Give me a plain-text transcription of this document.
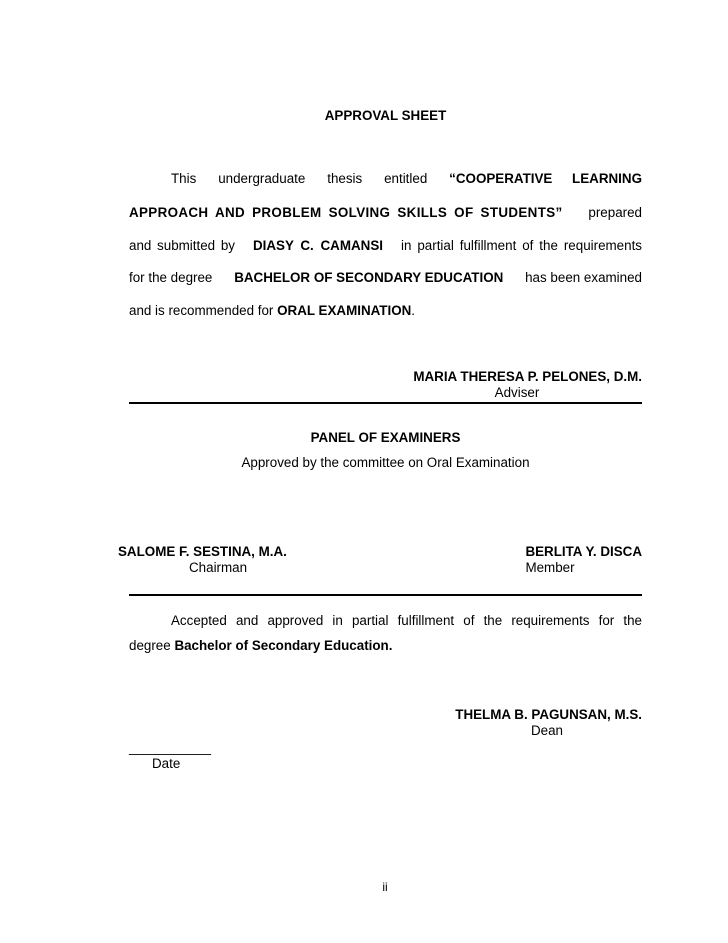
APPROVAL SHEET
This undergraduate thesis entitled “COOPERATIVE LEARNING
APPROACH AND PROBLEM SOLVING SKILLS OF STUDENTS” prepared
and submitted by DIASY C. CAMANSI in partial fulfillment of the requirements
for the degree BACHELOR OF SECONDARY EDUCATION has been examined
and is recommended for ORAL EXAMINATION.
MARIA THERESA P. PELONES, D.M.
Adviser
PANEL OF EXAMINERS
Approved by the committee on Oral Examination
SALOME F. SESTINA, M.A.
Chairman
BERLITA Y. DISCA
Member
Accepted and approved in partial fulfillment of the requirements for the
degree Bachelor of Secondary Education.
THELMA B. PAGUNSAN, M.S.
Dean
___________
Date
ii
